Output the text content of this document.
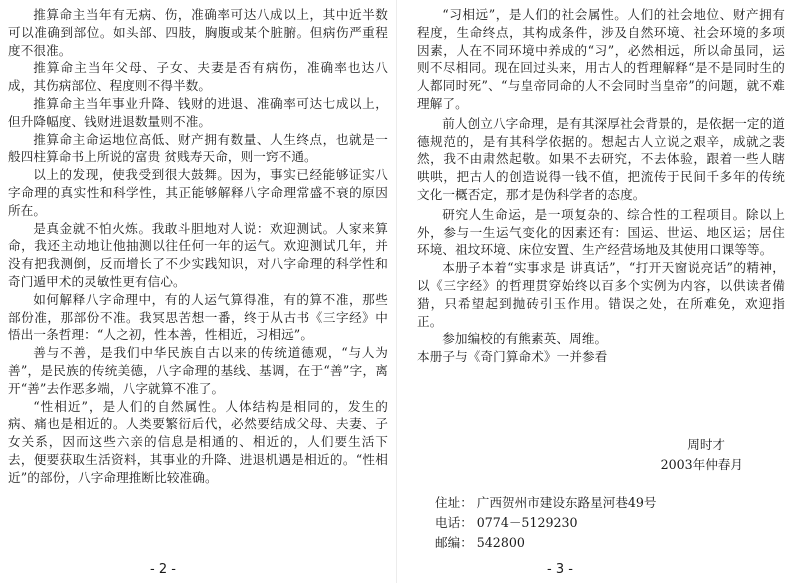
推算命主当年有无病、伤，准确率可达八成以上，其中近半数可以准确到部位。如头部、四肢，胸腹或某个脏腑。但病伤严重程度不很准。

推算命主当年父母、子女、夫妻是否有病伤，准确率也达八成，其伤病部位、程度则不得半数。

推算命主当年事业升降、钱财的进退、准确率可达七成以上，但升降幅度、钱财进退数量则不准。

推算命主命运地位高低、财产拥有数量、人生终点，也就是一般四柱算命书上所说的富贵 贫贱寿天命，则一窍不通。

以上的发现，使我受到很大鼓舞。因为，事实已经能够证实八字命理的真实性和科学性，其正能够解释八字命理常盛不衰的原因所在。

是真金就不怕火炼。我敢斗胆地对人说：欢迎测试。人家来算命，我还主动地让他抽测以往任何一年的运气。欢迎测试几年，并没有把我测倒，反而增长了不少实践知识，对八字命理的科学性和奇门遁甲术的灵敏性更有信心。

如何解释八字命理中，有的人运气算得准，有的算不准，那些部份准，那部份不准。我冥思苦想一番，终于从古书《三字经》中悟出一条哲理：“人之初，性本善，性相近，习相远”。

善与不善，是我们中华民族自古以来的传统道德观，“与人为善”，是民族的传统美德，八字命理的基线、基调，在于“善”字，离开“善”去作恶多端，八字就算不准了。

“性相近”，是人们的自然属性。人体结构是相同的，发生的病、痛也是相近的。人类要繁衍后代，必然要结成父母、夫妻、子女关系，因而这些六亲的信息是相通的、相近的，人们要生活下去，便要获取生活资料，其事业的升降、进退机遇是相近的。“性相近”的部份，八字命理推断比较准确。

- 2 -

“习相远”，是人们的社会属性。人们的社会地位、财产拥有程度，生命终点，其构成条件，涉及自然环境、社会环境的多项因素，人在不同环境中养成的“习”，必然相远，所以命虽同，运则不尽相同。现在回过头来，用古人的哲理解释“是不是同时生的人都同时死”、“与皇帝同命的人不会同时当皇帝”的问题，就不难理解了。

前人创立八字命理，是有其深厚社会背景的，是依据一定的道德规范的，是有其科学依据的。想起古人立说之艰辛，成就之裴然，我不由肃然起敬。如果不去研究，不去体验，跟着一些人瞎哄哄，把古人的创造说得一钱不值，把流传于民间千多年的传统文化一概否定，那才是伪科学者的态度。

研究人生命运，是一项复杂的、综合性的工程项目。除以上外，参与一生运气变化的因素还有：国运、世运、地区运；居住环境、祖坟环境、床位安置、生产经营场地及其使用口课等等。

本册子本着“实事求是 讲真话”，“打开天窗说亮话”的精神，以《三字经》的哲理贯穿始终以百多个实例为内容，以供读者備猎，只希望起到抛砖引玉作用。错误之处，在所难免，欢迎指正。

参加编校的有熊素英、周维。

本册子与《奇门算命术》一并参看

周时才
2003年仲春月
住址： 广西贺州市建设东路星河巷49号
电话： 0774－5129230
邮编： 542800
- 3 -
